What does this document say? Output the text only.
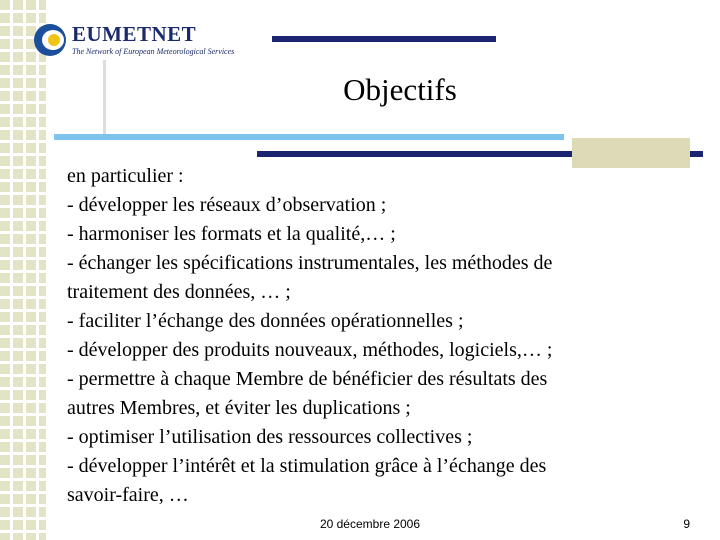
EUMETNET
The Network of European Meteorological Services
Objectifs
en particulier :
- développer les réseaux d’observation ;
- harmoniser les formats et la qualité,… ;
- échanger les spécifications instrumentales, les méthodes de
traitement des données, … ;
- faciliter l’échange des données opérationnelles ;
- développer des produits nouveaux, méthodes, logiciels,… ;
- permettre à chaque Membre de bénéficier des résultats des
autres Membres, et éviter les duplications ;
- optimiser l’utilisation des ressources collectives ;
- développer l’intérêt et la stimulation grâce à l’échange des
savoir-faire, …
20 décembre 2006	9
